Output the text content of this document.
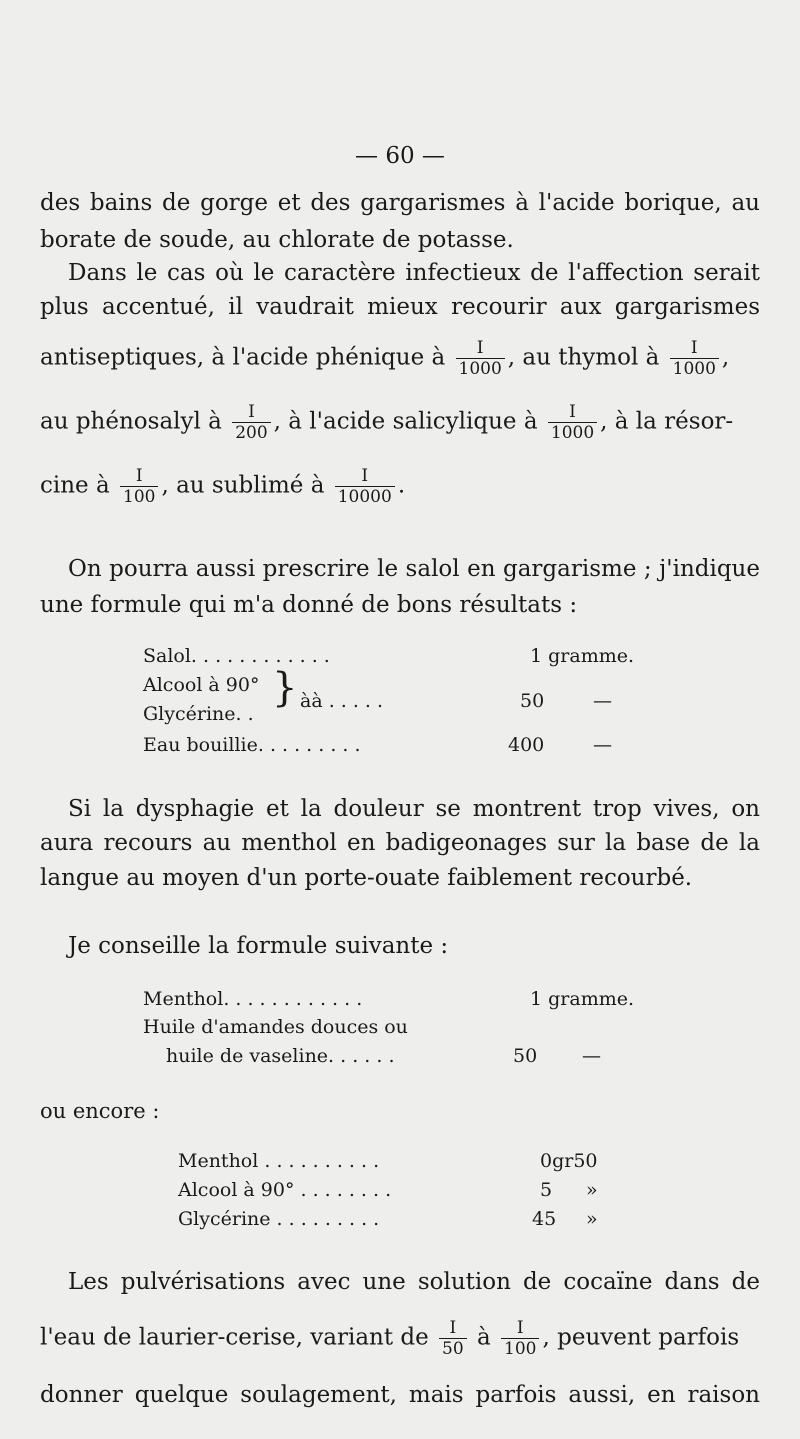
— 60 —
des bains de gorge et des gargarismes à l'acide borique, au
borate de soude, au chlorate de potasse.
Dans le cas où le caractère infectieux de l'affection serait
plus accentué, il vaudrait mieux recourir aux gargarismes
antiseptiques, à l'acide phénique à $\frac{I}{1000}$ , au thymol à $\frac{I}{1000}$ ,
au phénosalyl à $\frac{I}{200}$ , à l'acide salicylique à $\frac{I}{1000}$ , à la résor-
cine à $\frac{I}{100}$ , au sublimé à $\frac{I}{10000}$ .
On pourra aussi prescrire le salol en gargarisme ; j'indique
une formule qui m'a donné de bons résultats :
Salol. . . . . . . . . . . .	1 gramme.
Alcool à 90°
Glycérine. .
} àà . . . . .	50	—
Eau bouillie. . . . . . . . .	400	—
Si la dysphagie et la douleur se montrent trop vives, on
aura recours au menthol en badigeonages sur la base de la
langue au moyen d'un porte-ouate faiblement recourbé.
Je conseille la formule suivante :
Menthol. . . . . . . . . . . .	1 gramme.
Huile d'amandes douces ou
huile de vaseline. . . . . .	50 —
ou encore :
Menthol . . . . . . . . . .	0gr50
Alcool à 90° . . . . . . . .	5 »
Glycérine . . . . . . . . .	45 »
Les pulvérisations avec une solution de cocaïne dans de
l'eau de laurier-cerise, variant de $\frac{I}{50}$ à $\frac{I}{100}$ , peuvent parfois
donner quelque soulagement, mais parfois aussi, en raison
